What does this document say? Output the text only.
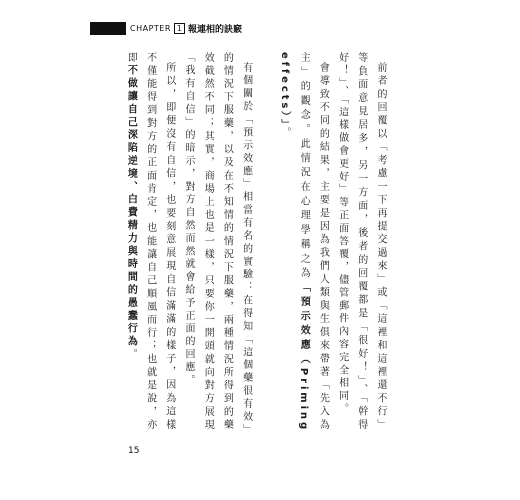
CHAPTER 1 報連相的訣竅

前者的回覆以「考慮一下再提交過來」或「這裡和這裡還不行」等負面意見居多，另一方面，後者的回覆都是「很好！」、「幹得好！」、「這樣做會更好」等正面答覆，儘管郵件內容完全相同。

會導致不同的結果，主要是因為我們人類與生俱來帶著「先入為主」的觀念。此情況在心理學稱之為「預示效應（Priming effects）」。

有個關於「預示效應」相當有名的實驗：在得知「這個藥很有效」的情況下服藥，以及在不知情的情況下服藥，兩種情況所得到的藥效截然不同；其實，商場上也是一樣，只要你一開頭就向對方展現「我有自信」的暗示，對方自然而然就會給予正面的回應。

所以，即便沒有自信，也要刻意展現自信滿滿的樣子，因為這樣不僅能得到對方的正面肯定，也能讓自己順風而行；也就是說，亦即不做讓自己深陷逆境、白費精力與時間的愚蠢行為。

15
